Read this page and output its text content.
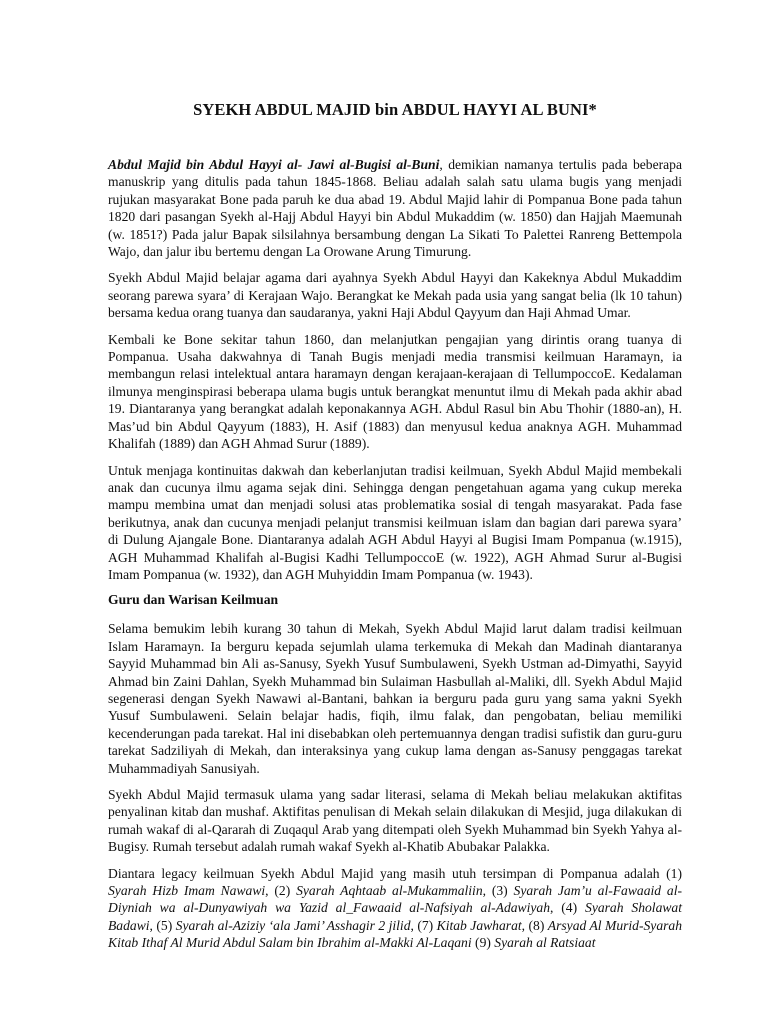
SYEKH ABDUL MAJID bin ABDUL HAYYI AL BUNI*

Abdul Majid bin Abdul Hayyi al- Jawi al-Bugisi al-Buni, demikian namanya tertulis pada beberapa manuskrip yang ditulis pada tahun 1845-1868. Beliau adalah salah satu ulama bugis yang menjadi rujukan masyarakat Bone pada paruh ke dua abad 19. Abdul Majid lahir di Pompanua Bone pada tahun 1820 dari pasangan Syekh al-Hajj Abdul Hayyi bin Abdul Mukaddim (w. 1850) dan Hajjah Maemunah (w. 1851?) Pada jalur Bapak silsilahnya bersambung dengan La Sikati To Palettei Ranreng Bettempola Wajo, dan jalur ibu bertemu dengan La Orowane Arung Timurung.

Syekh Abdul Majid belajar agama dari ayahnya Syekh Abdul Hayyi dan Kakeknya Abdul Mukaddim seorang parewa syara’ di Kerajaan Wajo. Berangkat ke Mekah pada usia yang sangat belia (lk 10 tahun) bersama kedua orang tuanya dan saudaranya, yakni Haji Abdul Qayyum dan Haji Ahmad Umar.

Kembali ke Bone sekitar tahun 1860, dan melanjutkan pengajian yang dirintis orang tuanya di Pompanua. Usaha dakwahnya di Tanah Bugis menjadi media transmisi keilmuan Haramayn, ia membangun relasi intelektual antara haramayn dengan kerajaan-kerajaan di TellumpoccoE. Kedalaman ilmunya menginspirasi beberapa ulama bugis untuk berangkat menuntut ilmu di Mekah pada akhir abad 19. Diantaranya yang berangkat adalah keponakannya AGH. Abdul Rasul bin Abu Thohir (1880-an), H. Mas’ud bin Abdul Qayyum (1883), H. Asif (1883) dan menyusul kedua anaknya AGH. Muhammad Khalifah (1889) dan AGH Ahmad Surur (1889).

Untuk menjaga kontinuitas dakwah dan keberlanjutan tradisi keilmuan, Syekh Abdul Majid membekali anak dan cucunya ilmu agama sejak dini. Sehingga dengan pengetahuan agama yang cukup mereka mampu membina umat dan menjadi solusi atas problematika sosial di tengah masyarakat. Pada fase berikutnya, anak dan cucunya menjadi pelanjut transmisi keilmuan islam dan bagian dari parewa syara’ di Dulung Ajangale Bone. Diantaranya adalah AGH Abdul Hayyi al Bugisi Imam Pompanua (w.1915), AGH Muhammad Khalifah al-Bugisi Kadhi TellumpoccoE (w. 1922), AGH Ahmad Surur al-Bugisi Imam Pompanua (w. 1932), dan AGH Muhyiddin Imam Pompanua (w. 1943).

Guru dan Warisan Keilmuan

Selama bemukim lebih kurang 30 tahun di Mekah, Syekh Abdul Majid larut dalam tradisi keilmuan Islam Haramayn. Ia berguru kepada sejumlah ulama terkemuka di Mekah dan Madinah diantaranya Sayyid Muhammad bin Ali as-Sanusy, Syekh Yusuf Sumbulaweni, Syekh Ustman ad-Dimyathi, Sayyid Ahmad bin Zaini Dahlan, Syekh Muhammad bin Sulaiman Hasbullah al-Maliki, dll. Syekh Abdul Majid segenerasi dengan Syekh Nawawi al-Bantani, bahkan ia berguru pada guru yang sama yakni Syekh Yusuf Sumbulaweni. Selain belajar hadis, fiqih, ilmu falak, dan pengobatan, beliau memiliki kecenderungan pada tarekat. Hal ini disebabkan oleh pertemuannya dengan tradisi sufistik dan guru-guru tarekat Sadziliyah di Mekah, dan interaksinya yang cukup lama dengan as-Sanusy penggagas tarekat Muhammadiyah Sanusiyah.

Syekh Abdul Majid termasuk ulama yang sadar literasi, selama di Mekah beliau melakukan aktifitas penyalinan kitab dan mushaf. Aktifitas penulisan di Mekah selain dilakukan di Mesjid, juga dilakukan di rumah wakaf di al-Qararah di Zuqaqul Arab yang ditempati oleh Syekh Muhammad bin Syekh Yahya al-Bugisy. Rumah tersebut adalah rumah wakaf Syekh al-Khatib Abubakar Palakka.

Diantara legacy keilmuan Syekh Abdul Majid yang masih utuh tersimpan di Pompanua adalah (1) Syarah Hizb Imam Nawawi, (2) Syarah Aqhtaab al-Mukammaliin, (3) Syarah Jam’u al-Fawaaid al-Diyniah wa al-Dunyawiyah wa Yazid al_Fawaaid al-Nafsiyah al-Adawiyah, (4) Syarah Sholawat Badawi, (5) Syarah al-Aziziy ‘ala Jami’ Asshagir 2 jilid, (7) Kitab Jawharat, (8) Arsyad Al Murid-Syarah Kitab Ithaf Al Murid Abdul Salam bin Ibrahim al-Makki Al-Laqani (9) Syarah al Ratsiaat
